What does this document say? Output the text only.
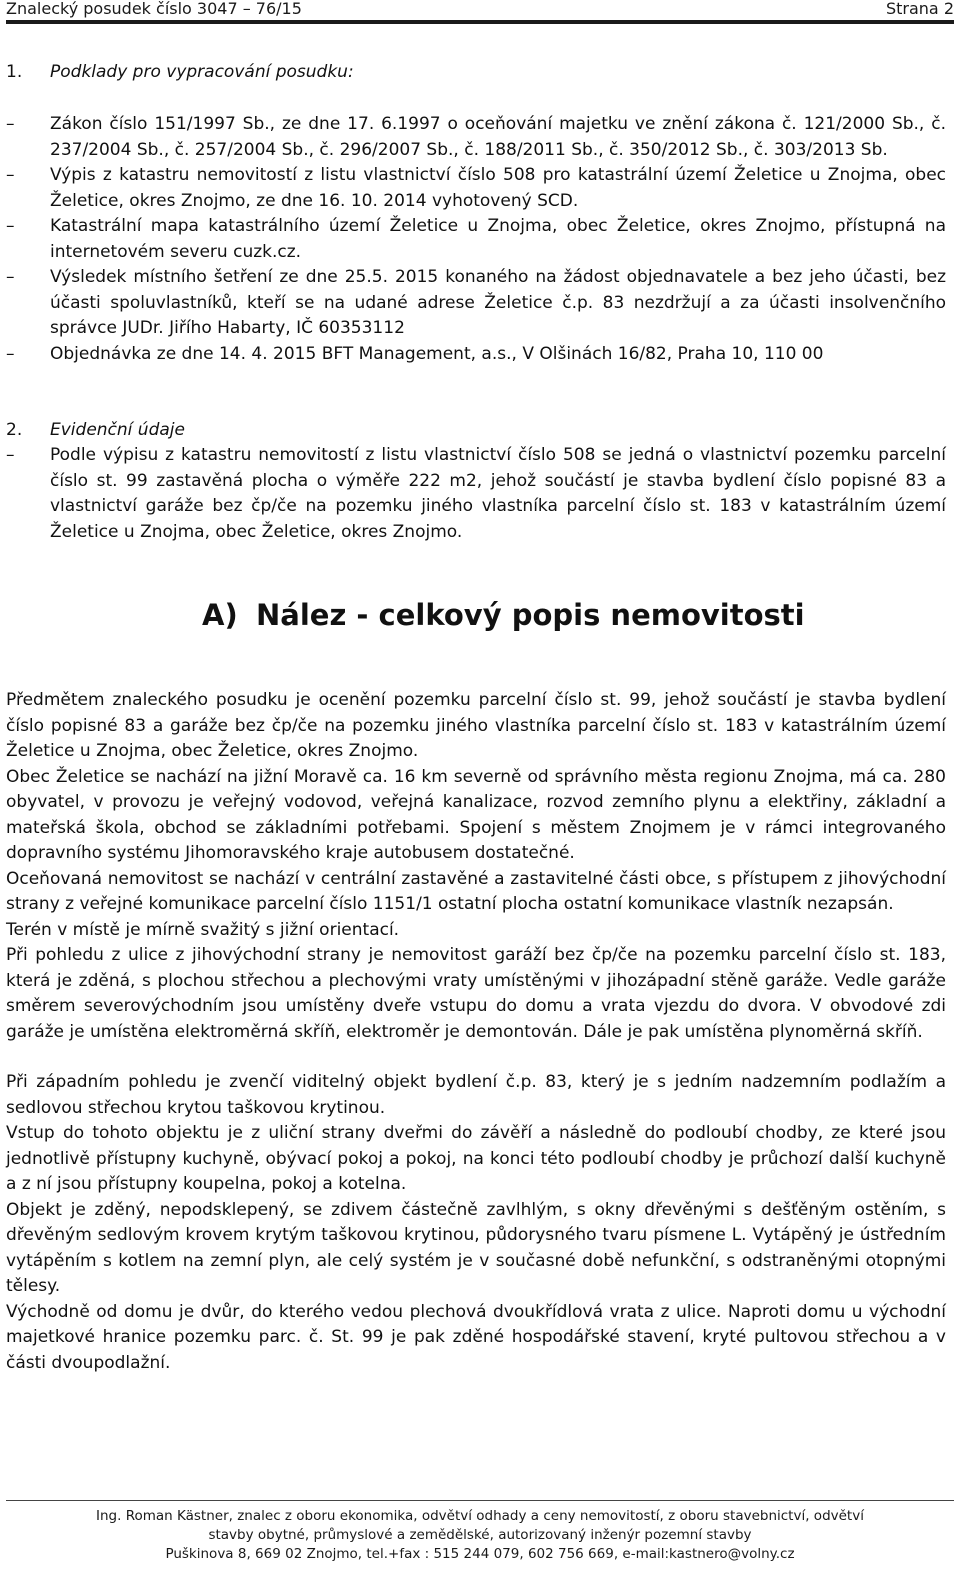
Znalecký posudek číslo 3047 – 76/15	Strana 2
1. Podklady pro vypracování posudku:
–	Zákon číslo 151/1997 Sb., ze dne 17. 6.1997 o oceňování majetku ve znění zákona č. 121/2000 Sb., č. 237/2004 Sb., č. 257/2004 Sb., č. 296/2007 Sb., č. 188/2011 Sb., č. 350/2012 Sb., č. 303/2013 Sb.
–	Výpis z katastru nemovitostí z listu vlastnictví číslo 508 pro katastrální území Želetice u Znojma, obec Želetice, okres Znojmo, ze dne 16. 10. 2014 vyhotovený SCD.
–	Katastrální mapa katastrálního území Želetice u Znojma, obec Želetice, okres Znojmo, přístupná na internetovém severu cuzk.cz.
–	Výsledek místního šetření ze dne 25.5. 2015 konaného na žádost objednavatele a bez jeho účasti, bez účasti spoluvlastníků, kteří se na udané adrese Želetice č.p. 83 nezdržují a za účasti insolvenčního správce JUDr. Jiřího Habarty, IČ 60353112
–	Objednávka ze dne 14. 4. 2015 BFT Management, a.s., V Olšinách 16/82, Praha 10, 110 00
2. Evidenční údaje
–	Podle výpisu z katastru nemovitostí z listu vlastnictví číslo 508 se jedná o vlastnictví pozemku parcelní číslo st. 99 zastavěná plocha o výměře 222 m2, jehož součástí je stavba bydlení číslo popisné 83 a vlastnictví garáže bez čp/če na pozemku jiného vlastníka parcelní číslo st. 183 v katastrálním území Želetice u Znojma, obec Želetice, okres Znojmo.
A) Nález - celkový popis nemovitosti

Předmětem znaleckého posudku je ocenění pozemku parcelní číslo st. 99, jehož součástí je stavba bydlení číslo popisné 83 a garáže bez čp/če na pozemku jiného vlastníka parcelní číslo st. 183 v katastrálním území Želetice u Znojma, obec Želetice, okres Znojmo.

Obec Želetice se nachází na jižní Moravě ca. 16 km severně od správního města regionu Znojma, má ca. 280 obyvatel, v provozu je veřejný vodovod, veřejná kanalizace, rozvod zemního plynu a elektřiny, základní a mateřská škola, obchod se základními potřebami. Spojení s městem Znojmem je v rámci integrovaného dopravního systému Jihomoravského kraje autobusem dostatečné.

Oceňovaná nemovitost se nachází v centrální zastavěné a zastavitelné části obce, s přístupem z jihovýchodní strany z veřejné komunikace parcelní číslo 1151/1 ostatní plocha ostatní komunikace vlastník nezapsán.

Terén v místě je mírně svažitý s jižní orientací.

Při pohledu z ulice z jihovýchodní strany je nemovitost garáží bez čp/če na pozemku parcelní číslo st. 183, která je zděná, s plochou střechou a plechovými vraty umístěnými v jihozápadní stěně garáže. Vedle garáže směrem severovýchodním jsou umístěny dveře vstupu do domu a vrata vjezdu do dvora. V obvodové zdi garáže je umístěna elektroměrná skříň, elektroměr je demontován. Dále je pak umístěna plynoměrná skříň.

Při západním pohledu je zvenčí viditelný objekt bydlení č.p. 83, který je s jedním nadzemním podlažím a sedlovou střechou krytou taškovou krytinou.

Vstup do tohoto objektu je z uliční strany dveřmi do závěří a následně do podloubí chodby, ze které jsou jednotlivě přístupny kuchyně, obývací pokoj a pokoj, na konci této podloubí chodby je průchozí další kuchyně a z ní jsou přístupny koupelna, pokoj a kotelna.

Objekt je zděný, nepodsklepený, se zdivem částečně zavlhlým, s okny dřevěnými s dešťěným ostěním, s dřevěným sedlovým krovem krytým taškovou krytinou, půdorysného tvaru písmene L. Vytápěný je ústředním vytápěním s kotlem na zemní plyn, ale celý systém je v současné době nefunkční, s odstraněnými otopnými tělesy.

Východně od domu je dvůr, do kterého vedou plechová dvoukřídlová vrata z ulice. Naproti domu u východní majetkové hranice pozemku parc. č. St. 99 je pak zděné hospodářské stavení, kryté pultovou střechou a v části dvoupodlažní.

Ing. Roman Kästner, znalec z oboru ekonomika, odvětví odhady a ceny nemovitostí, z oboru stavebnictví, odvětví
stavby obytné, průmyslové a zemědělské, autorizovaný inženýr pozemní stavby
Puškinova 8, 669 02 Znojmo, tel.+fax : 515 244 079, 602 756 669, e-mail:kastnero@volny.cz
